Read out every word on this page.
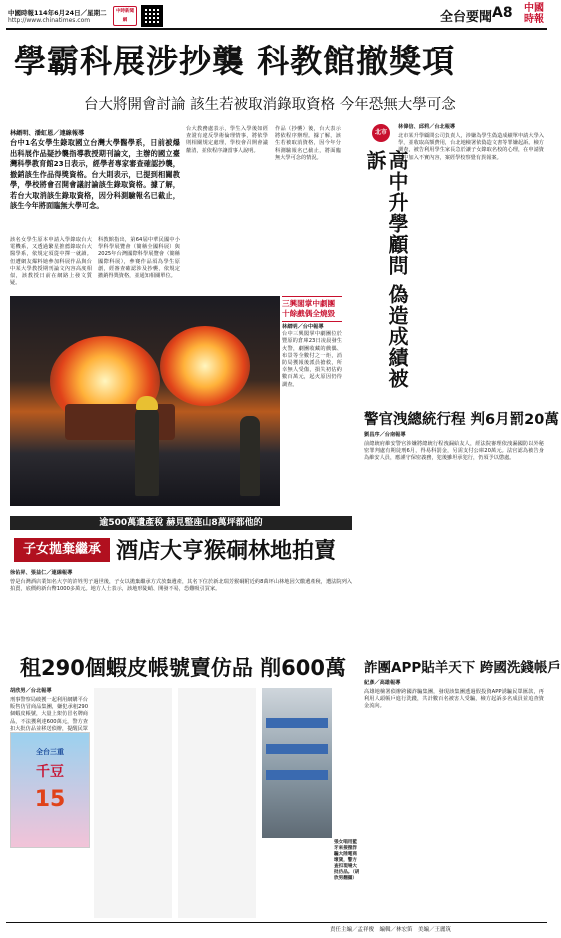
中國時報114年6月24日／星期二
http://www.chinatimes.com
中時新聞網	全台要聞 A8	中國時報
學霸科展涉抄襲 科教館撤獎項
台大將開會討論 該生若被取消錄取資格 今年恐無大學可念
林縉明、潘虹恩／連線報導
台中1名女學生錄取國立台灣大學醫學系，日前被爆出科展作品疑抄襲指導教授期刊論文，主辦的國立臺灣科學教育館23日表示，經學者專家審查確認抄襲，撤銷該生作品得獎資格。台大則表示，已提到相關教學，學校將會召開會議討論該生錄取資格。據了解，若台大取消該生錄取資格，因分科測驗報名已截止，該生今年將面臨無大學可念。
該名女學生原本申請入學錄取台大電機系，又透過繁星推薦錄取台大醫學系，依規定須從中擇一就讀。但遭網友爆料她參加科展作品與台中某大學教授期刊論文內容高度相似，該教授日前在網路上發文質疑。
科教館指出，第64屆中華民國中小學科學展覽會（簡稱全國科展）與2025年台灣國際科學展覽會（簡稱國際科展），參賽作品須為學生原創，經審查確認涉及抄襲，依規定撤銷得獎資格，並通知相關單位。
台大教務處表示，學生入學後如經查證有違反學術倫理情事，將依學則相關規定處理，學校會召開會議釐清，並依程序讓當事人說明。
作品（抄襲）後，台大表示將依程序辦理。據了解，該生若被取消資格，因今年分科測驗報名已截止，將面臨無大學可念的情況。
三興閣掌中劇團 十餘戲偶全燒毀
林縉明／台中報導
台中三興閣掌中劇團位於豐原的倉庫23日凌晨發生火警，劇團收藏的戲偶、布景等全數付之一炬，消防局獲報後派員搶救，所幸無人受傷，損失初估約數百萬元，起火原因仍待調查。
北市
高中升學顧問 偽造成績被訴
林偉信、邱莉／台北報導
北市某升學顧問公司負責人，涉嫌為學生偽造成績單申請大學入學，並收取高額費用，台北地檢署依偽造文書等罪嫌起訴。檢方調查，被告利用學生家長急於讓子女錄取名校的心理，在申請資料中加入不實內容，案經學校察覺有異報案。
警官洩總統行程 判6月罰20萬
劉昌序／台南報導
前總統府維安警官涉嫌將總統行程洩漏給友人，經法院審理依洩漏國防以外秘密罪判處有期徒刑6月，得易科罰金，另需支付公庫20萬元。法官認為被告身為維安人員，應謹守保密義務，犯後雖坦承犯行，仍須予以懲處。
逾500萬遺產稅 赫見整座山8萬坪都他的
子女拋棄繼承 酒店大亨猴硐林地拍賣
徐佑昇、張益仁／連線報導
曾是台灣酒店業知名大亨的許姓男子過世後，子女以拋棄繼承方式放棄遺產，其名下位於新北瑞芳猴硐附近約8萬坪山林地因欠繳遺產稅，遭法院列入拍賣，底價約新台幣1000多萬元。地方人士表示，該地形陡峭、開發不易，恐難吸引買家。
租290個蝦皮帳號賣仿品 削600萬
胡欣男／台北報導
刑事警察局破獲一起利用網購平台販售仿冒商品集團，嫌犯承租290個蝦皮帳號，大量上架仿冒名牌商品，不法獲利達600萬元，警方查扣大批仿品並移送偵辦，提醒民眾
全台三重
千豆
15
張女唱用藍牙來接撥詐騙大陸電商壞貨，警方查扣現場大批仿品。（胡欣男翻攝）
詐團APP貼羊天下 跨國洗錢帳戶
紀彥／高雄報導
高雄地檢署偵辦跨國詐騙集團，發現該集團透過假投資APP誘騙民眾匯款，再利用人頭帳戶進行洗錢，共計數百名被害人受騙，檢方起訴多名成員並追查資金流向。
責任主編／孟祥俊　編輯／林宏笛　美編／王麗筑
